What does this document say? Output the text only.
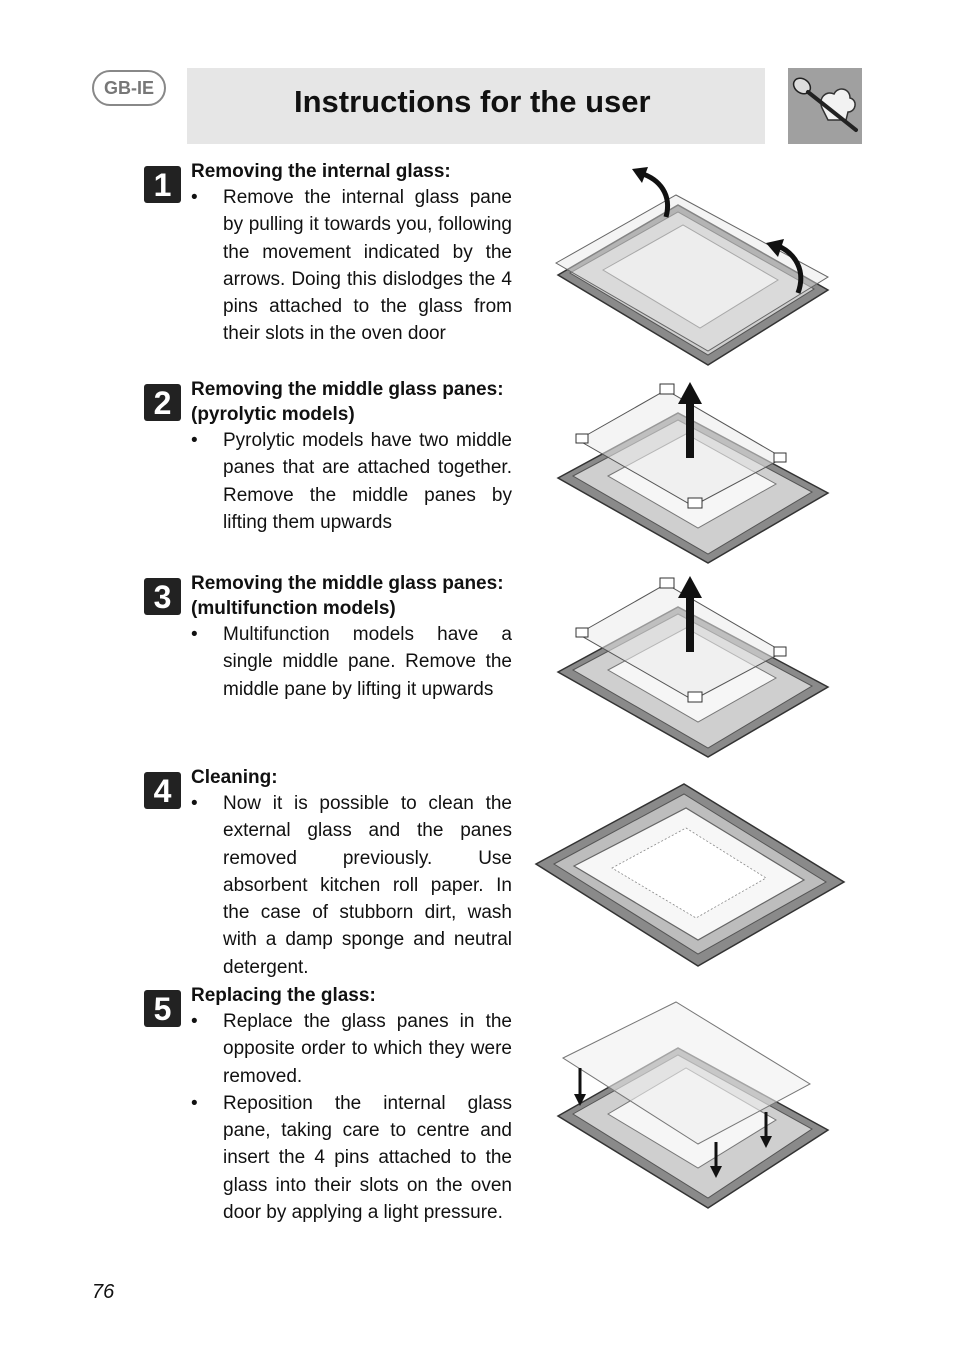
GB-IE	Instructions for the user
1	Removing the internal glass:
• Remove the internal glass pane by pulling it towards you, following the movement indicated by the arrows. Doing this dislodges the 4 pins attached to the glass from their slots in the oven door
2	Removing the middle glass panes:
(pyrolytic models)
• Pyrolytic models have two middle panes that are attached together. Remove the middle panes by lifting them upwards
3	Removing the middle glass panes:
(multifunction models)
• Multifunction models have a single middle pane. Remove the middle pane by lifting it upwards
4	Cleaning:
• Now it is possible to clean the external glass and the panes removed previously. Use absorbent kitchen roll paper. In the case of stubborn dirt, wash with a damp sponge and neutral detergent.
5	Replacing the glass:
• Replace the glass panes in the opposite order to which they were removed.
• Reposition the internal glass pane, taking care to centre and insert the 4 pins attached to the glass into their slots on the oven door by applying a light pressure.
76
